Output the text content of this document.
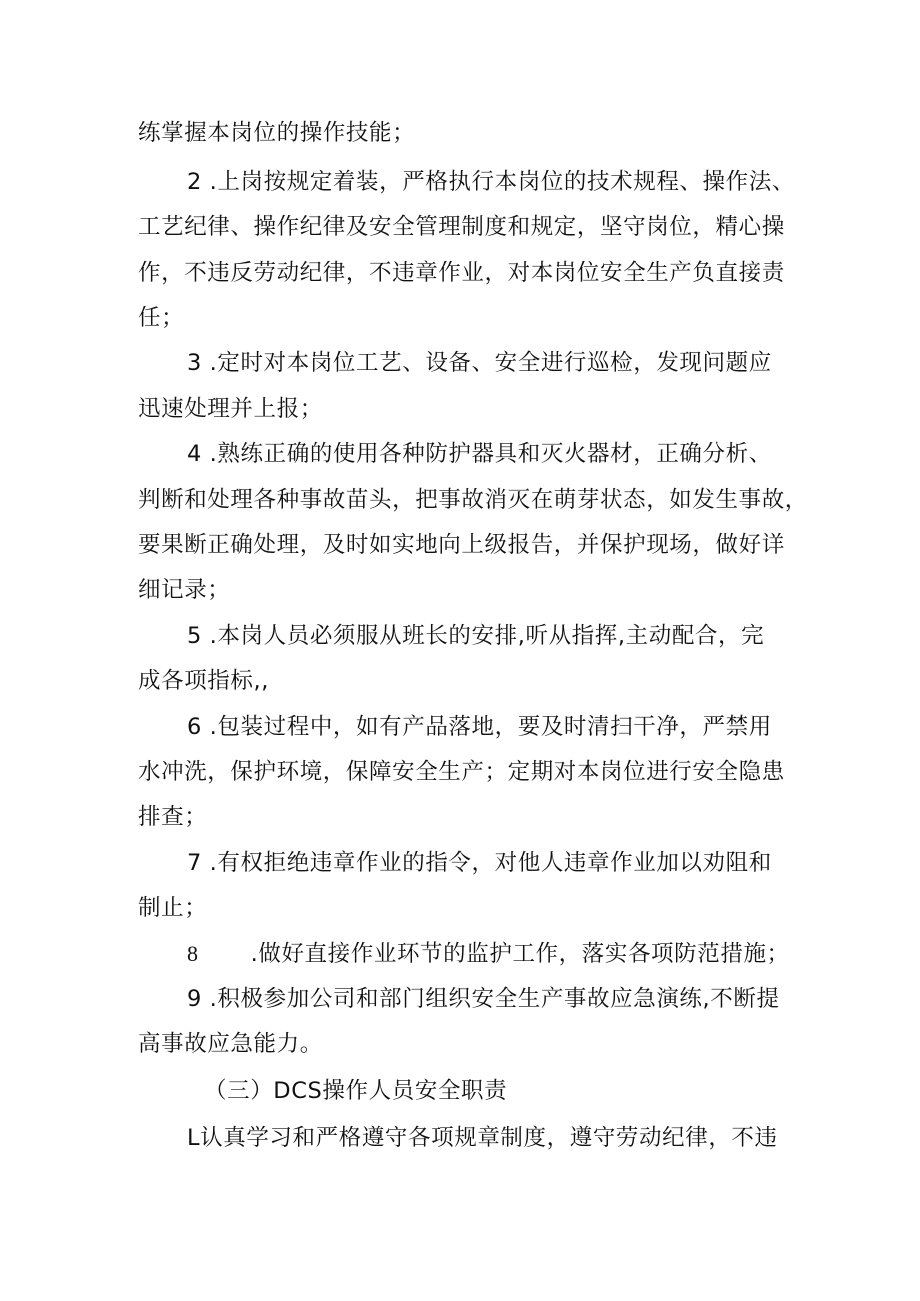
练掌握本岗位的操作技能；
2 .上岗按规定着装，严格执行本岗位的技术规程、操作法、
工艺纪律、操作纪律及安全管理制度和规定，坚守岗位，精心操
作，不违反劳动纪律，不违章作业，对本岗位安全生产负直接责
任；
3 .定时对本岗位工艺、设备、安全进行巡检，发现问题应
迅速处理并上报；
4 .熟练正确的使用各种防护器具和灭火器材，正确分析、
判断和处理各种事故苗头，把事故消灭在萌芽状态，如发生事故，
要果断正确处理，及时如实地向上级报告，并保护现场，做好详
细记录；
5 .本岗人员必须服从班长的安排,听从指挥,主动配合，完
成各项指标,,
6 .包装过程中，如有产品落地，要及时清扫干净，严禁用
水冲洗，保护环境，保障安全生产；定期对本岗位进行安全隐患
排查；
7 .有权拒绝违章作业的指令，对他人违章作业加以劝阻和
制止；
8 .做好直接作业环节的监护工作，落实各项防范措施；
9 .积极参加公司和部门组织安全生产事故应急演练,不断提
高事故应急能力。
（三）DCS操作人员安全职责
L认真学习和严格遵守各项规章制度，遵守劳动纪律，不违
